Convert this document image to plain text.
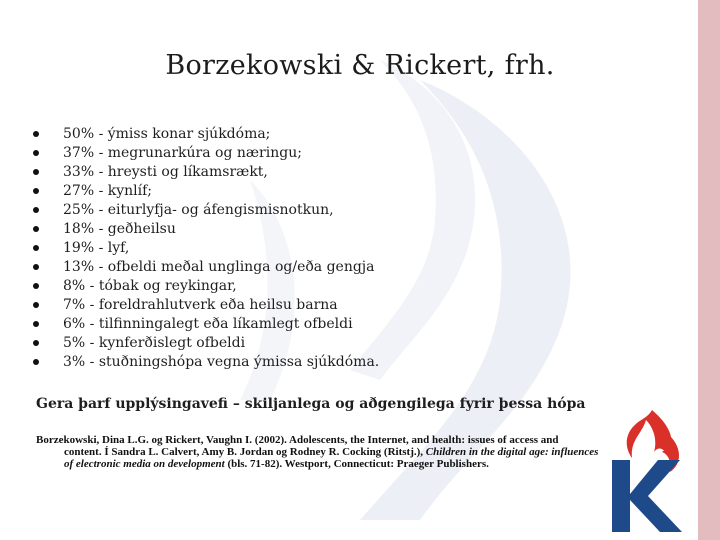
Borzekowski & Rickert, frh.
50% - ýmiss konar sjúkdóma;
37% - megrunarkúra og næringu;
33% - hreysti og líkamsrækt,
27% - kynlíf;
25% - eiturlyfja- og áfengismisnotkun,
18% - geðheilsu
19% - lyf,
13% - ofbeldi meðal unglinga og/eða gengja
8% - tóbak og reykingar,
7% - foreldrahlutverk eða heilsu barna
6% - tilfinningalegt eða líkamlegt ofbeldi
5% - kynferðislegt ofbeldi
3% - stuðningshópa vegna ýmissa sjúkdóma.
Gera þarf upplýsingavefi – skiljanlega og aðgengilega fyrir þessa hópa
Borzekowski, Dina L.G. og Rickert, Vaughn I. (2002). Adolescents, the Internet, and health: issues of access and
content. Í Sandra L. Calvert, Amy B. Jordan og Rodney R. Cocking (Ritstj.), Children in the digital age: influences
of electronic media on development (bls. 71-82). Westport, Connecticut: Praeger Publishers.
